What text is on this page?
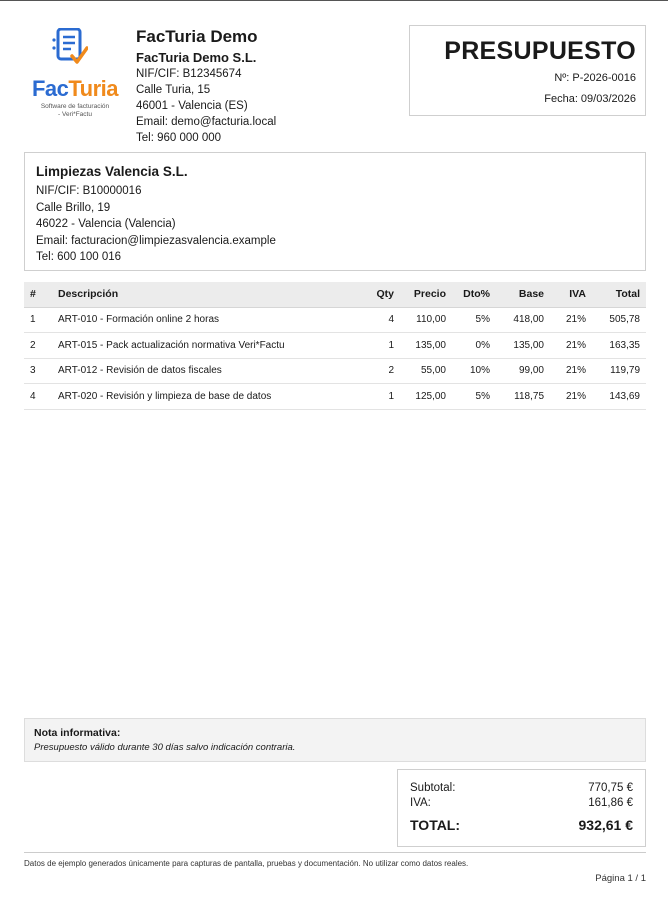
FacTuria
Software de facturación
- Veri*Factu
FacTuria Demo
FacTuria Demo S.L.
NIF/CIF: B12345674
Calle Turia, 15
46001 - Valencia (ES)
Email: demo@facturia.local
Tel: 960 000 000
PRESUPUESTO
Nº: P-2026-0016
Fecha: 09/03/2026
Limpiezas Valencia S.L.
NIF/CIF: B10000016
Calle Brillo, 19
46022 - Valencia (Valencia)
Email: facturacion@limpiezasvalencia.example
Tel: 600 100 016
#	Descripción	Qty	Precio	Dto%	Base	IVA	Total
1	ART-010 - Formación online 2 horas	4	110,00	5%	418,00	21%	505,78
2	ART-015 - Pack actualización normativa Veri*Factu	1	135,00	0%	135,00	21%	163,35
3	ART-012 - Revisión de datos fiscales	2	55,00	10%	99,00	21%	119,79
4	ART-020 - Revisión y limpieza de base de datos	1	125,00	5%	118,75	21%	143,69
Nota informativa:
Presupuesto válido durante 30 días salvo indicación contraria.
Subtotal:	770,75 €
IVA:	161,86 €
TOTAL:	932,61 €
Datos de ejemplo generados únicamente para capturas de pantalla, pruebas y documentación. No utilizar como datos reales.
Página 1 / 1
